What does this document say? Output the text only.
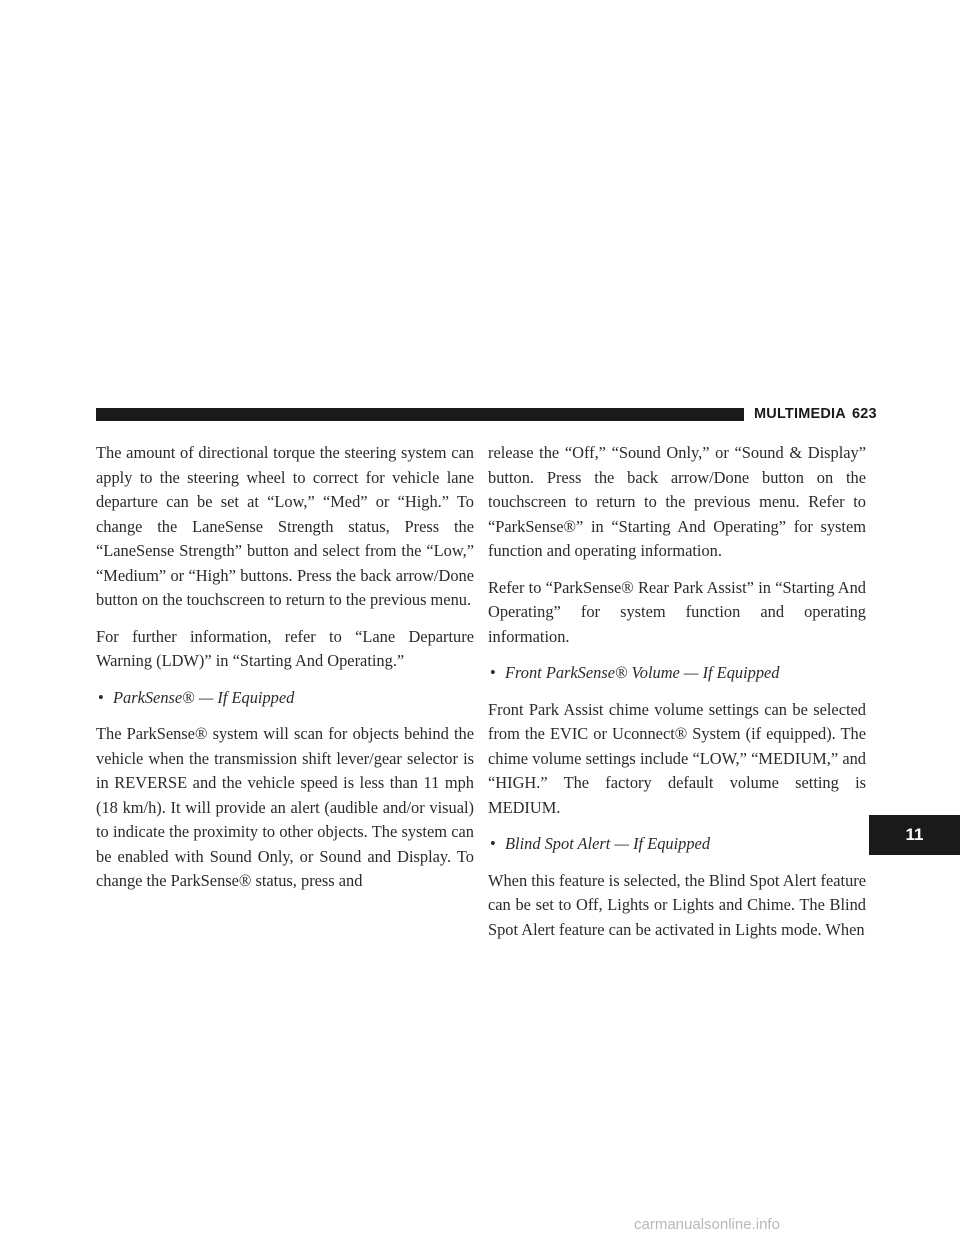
MULTIMEDIA 623

The amount of directional torque the steering system can apply to the steering wheel to correct for vehicle lane departure can be set at “Low,” “Med” or “High.” To change the LaneSense Strength status, Press the “LaneSense Strength” button and select from the “Low,” “Medium” or “High” buttons. Press the back arrow/Done button on the touchscreen to return to the previous menu.

For further information, refer to “Lane Departure Warning (LDW)” in “Starting And Operating.”

• ParkSense® — If Equipped

The ParkSense® system will scan for objects behind the vehicle when the transmission shift lever/gear selector is in REVERSE and the vehicle speed is less than 11 mph (18 km/h). It will provide an alert (audible and/or visual) to indicate the proximity to other objects. The system can be enabled with Sound Only, or Sound and Display. To change the ParkSense® status, press and

release the “Off,” “Sound Only,” or “Sound & Display” button. Press the back arrow/Done button on the touchscreen to return to the previous menu. Refer to “ParkSense®” in “Starting And Operating” for system function and operating information.

Refer to “ParkSense® Rear Park Assist” in “Starting And Operating” for system function and operating information.

• Front ParkSense® Volume — If Equipped

Front Park Assist chime volume settings can be selected from the EVIC or Uconnect® System (if equipped). The chime volume settings include “LOW,” “MEDIUM,” and “HIGH.” The factory default volume setting is MEDIUM.

• Blind Spot Alert — If Equipped

When this feature is selected, the Blind Spot Alert feature can be set to Off, Lights or Lights and Chime. The Blind Spot Alert feature can be activated in Lights mode. When

11
carmanualsonline.info
